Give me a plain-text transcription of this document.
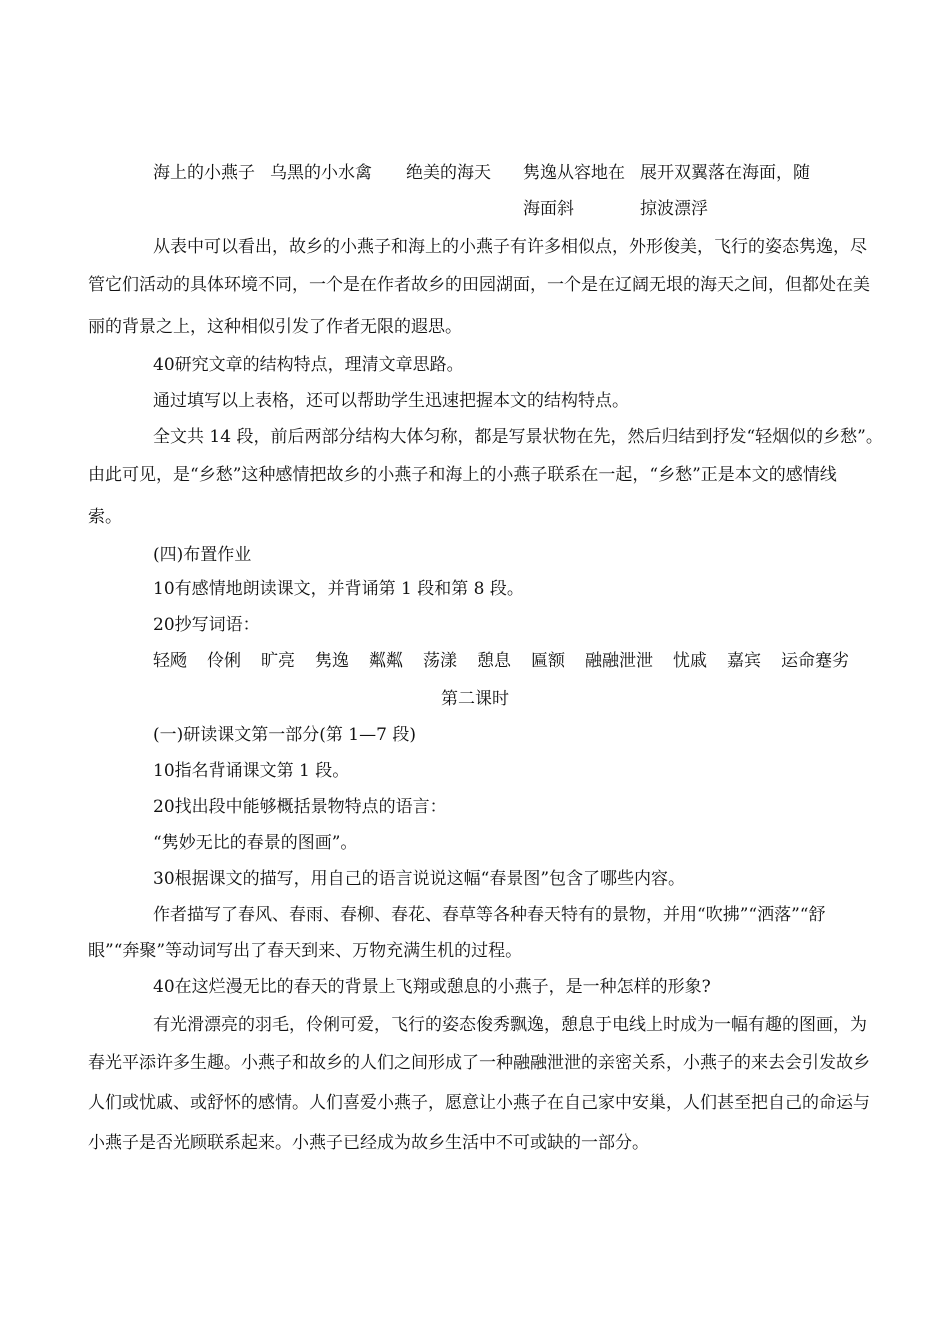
海上的小燕子 乌黑的小水禽 绝美的海天 隽逸从容地在
海面斜
展开双翼落在海面，随
掠波漂浮
从表中可以看出，故乡的小燕子和海上的小燕子有许多相似点，外形俊美，飞行的姿态隽逸，尽
管它们活动的具体环境不同，一个是在作者故乡的田园湖面，一个是在辽阔无垠的海天之间，但都处在美
丽的背景之上，这种相似引发了作者无限的遐思。
40研究文章的结构特点，理清文章思路。
通过填写以上表格，还可以帮助学生迅速把握本文的结构特点。
全文共 14 段，前后两部分结构大体匀称，都是写景状物在先，然后归结到抒发“轻烟似的乡愁”。
由此可见，是“乡愁”这种感情把故乡的小燕子和海上的小燕子联系在一起，“乡愁”正是本文的感情线
索。
(四)布置作业
10有感情地朗读课文，并背诵第 1 段和第 8 段。
20抄写词语：
轻飏 伶俐 旷亮 隽逸 粼粼 荡漾 憩息 匾额 融融泄泄 忧戚 嘉宾 运命蹇劣
第二课时
(一)研读课文第一部分(第 1—7 段)
10指名背诵课文第 1 段。
20找出段中能够概括景物特点的语言：
“隽妙无比的春景的图画”。
30根据课文的描写，用自己的语言说说这幅“春景图”包含了哪些内容。
作者描写了春风、春雨、春柳、春花、春草等各种春天特有的景物，并用“吹拂”“洒落”“舒
眼”“奔聚”等动词写出了春天到来、万物充满生机的过程。
40在这烂漫无比的春天的背景上飞翔或憩息的小燕子，是一种怎样的形象?
有光滑漂亮的羽毛，伶俐可爱，飞行的姿态俊秀飘逸，憩息于电线上时成为一幅有趣的图画，为
春光平添许多生趣。小燕子和故乡的人们之间形成了一种融融泄泄的亲密关系，小燕子的来去会引发故乡
人们或忧戚、或舒怀的感情。人们喜爱小燕子，愿意让小燕子在自己家中安巢，人们甚至把自己的命运与
小燕子是否光顾联系起来。小燕子已经成为故乡生活中不可或缺的一部分。
